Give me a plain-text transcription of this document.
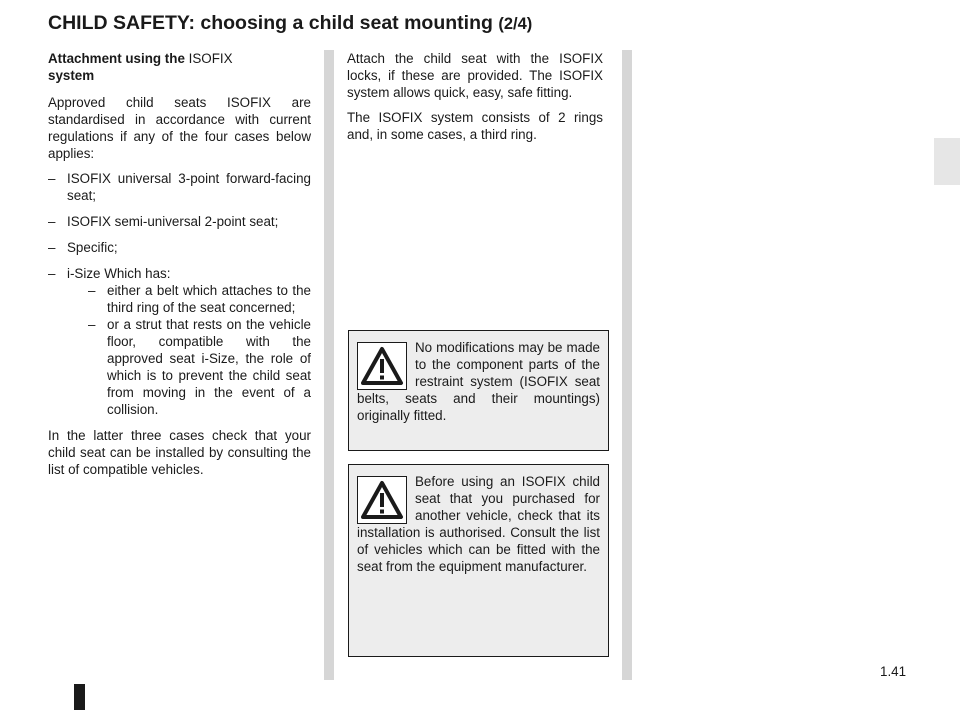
CHILD SAFETY: choosing a child seat mounting (2/4)

Attachment using the ISOFIX
system

Approved child seats ISOFIX are standardised in accordance with current regulations if any of the four cases below applies:

– ISOFIX universal 3-point forward-facing seat;
– ISOFIX semi-universal 2-point seat;
– Specific;
– i-Size Which has:
– either a belt which attaches to the third ring of the seat concerned;
– or a strut that rests on the vehicle floor, compatible with the approved seat i-Size, the role of which is to prevent the child seat from moving in the event of a collision.

In the latter three cases check that your child seat can be installed by consulting the list of compatible vehicles.

Attach the child seat with the ISOFIX locks, if these are provided. The ISOFIX system allows quick, easy, safe fitting.

The ISOFIX system consists of 2 rings and, in some cases, a third ring.

No modifications may be made to the component parts of the restraint system (ISOFIX seat belts, seats and their mountings) originally fitted.
Before using an ISOFIX child seat that you purchased for another vehicle, check that its installation is authorised. Consult the list of vehicles which can be fitted with the seat from the equipment manufacturer.
1.41
